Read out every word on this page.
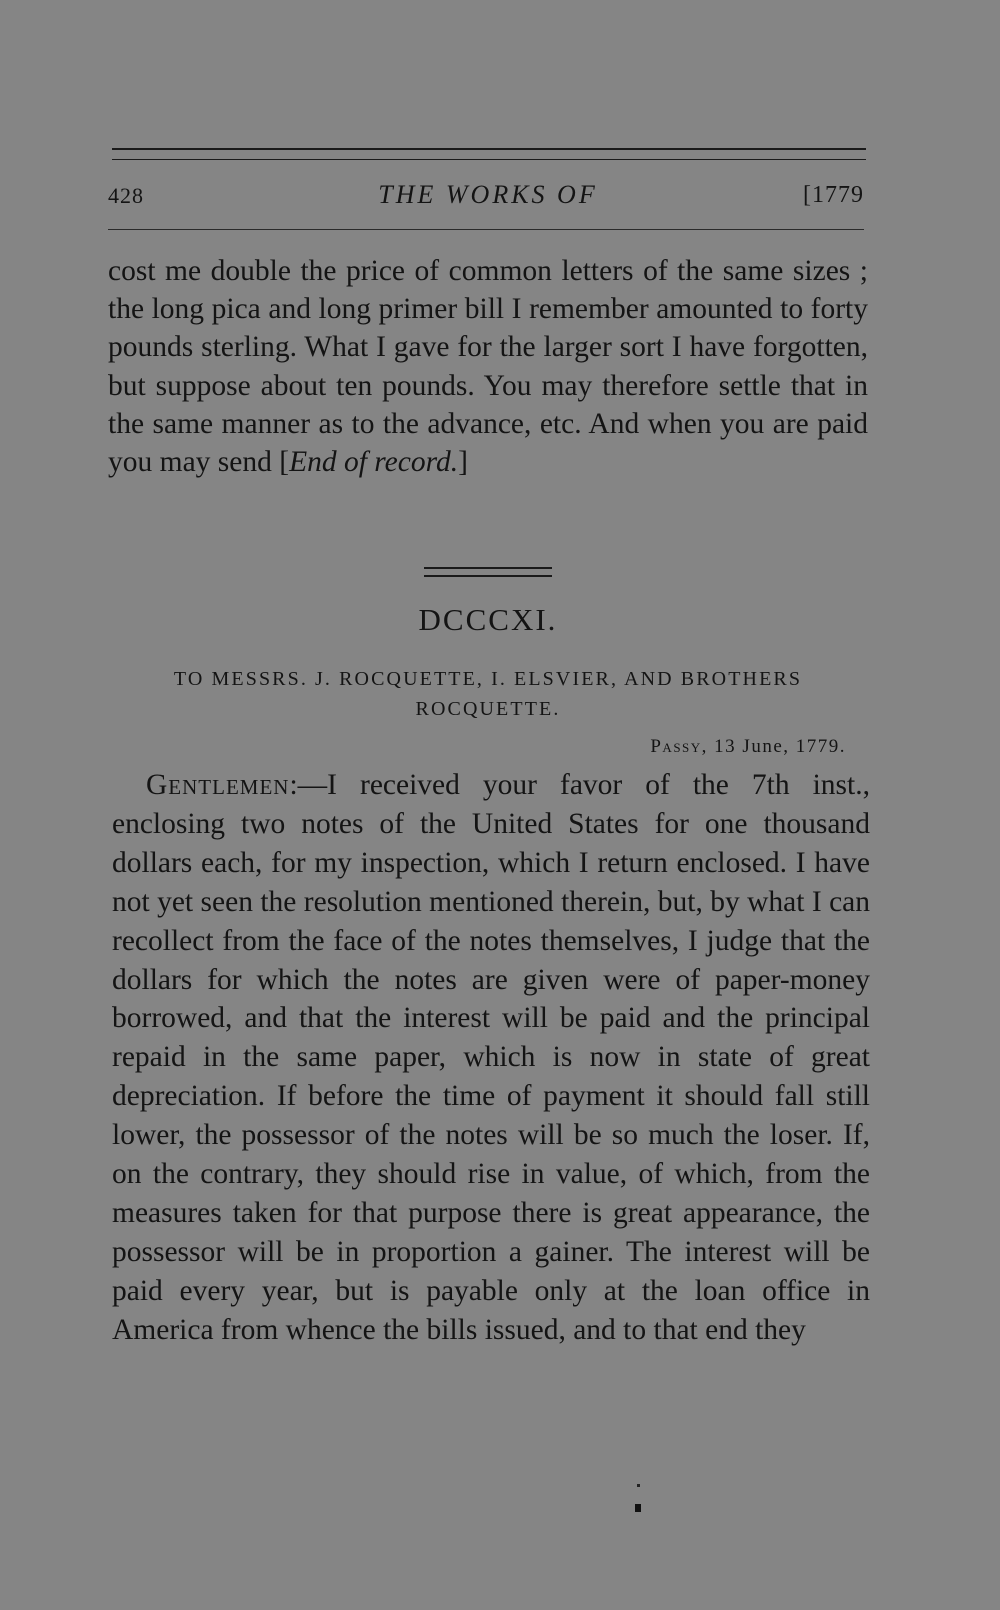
428	THE WORKS OF	[1779

cost me double the price of common letters of the same sizes ; the long pica and long primer bill I remember amounted to forty pounds sterling. What I gave for the larger sort I have forgotten, but suppose about ten pounds. You may therefore settle that in the same manner as to the advance, etc. And when you are paid you may send [End of record.]

DCCCXI.
TO MESSRS. J. ROCQUETTE, I. ELSVIER, AND BROTHERS ROCQUETTE.
Passy, 13 June, 1779.

Gentlemen:—I received your favor of the 7th inst., enclosing two notes of the United States for one thousand dollars each, for my inspection, which I return enclosed. I have not yet seen the resolution mentioned therein, but, by what I can recollect from the face of the notes themselves, I judge that the dollars for which the notes are given were of paper-money borrowed, and that the interest will be paid and the principal repaid in the same paper, which is now in state of great depreciation. If before the time of payment it should fall still lower, the possessor of the notes will be so much the loser. If, on the contrary, they should rise in value, of which, from the measures taken for that purpose there is great appearance, the possessor will be in proportion a gainer. The interest will be paid every year, but is payable only at the loan office in America from whence the bills issued, and to that end they
